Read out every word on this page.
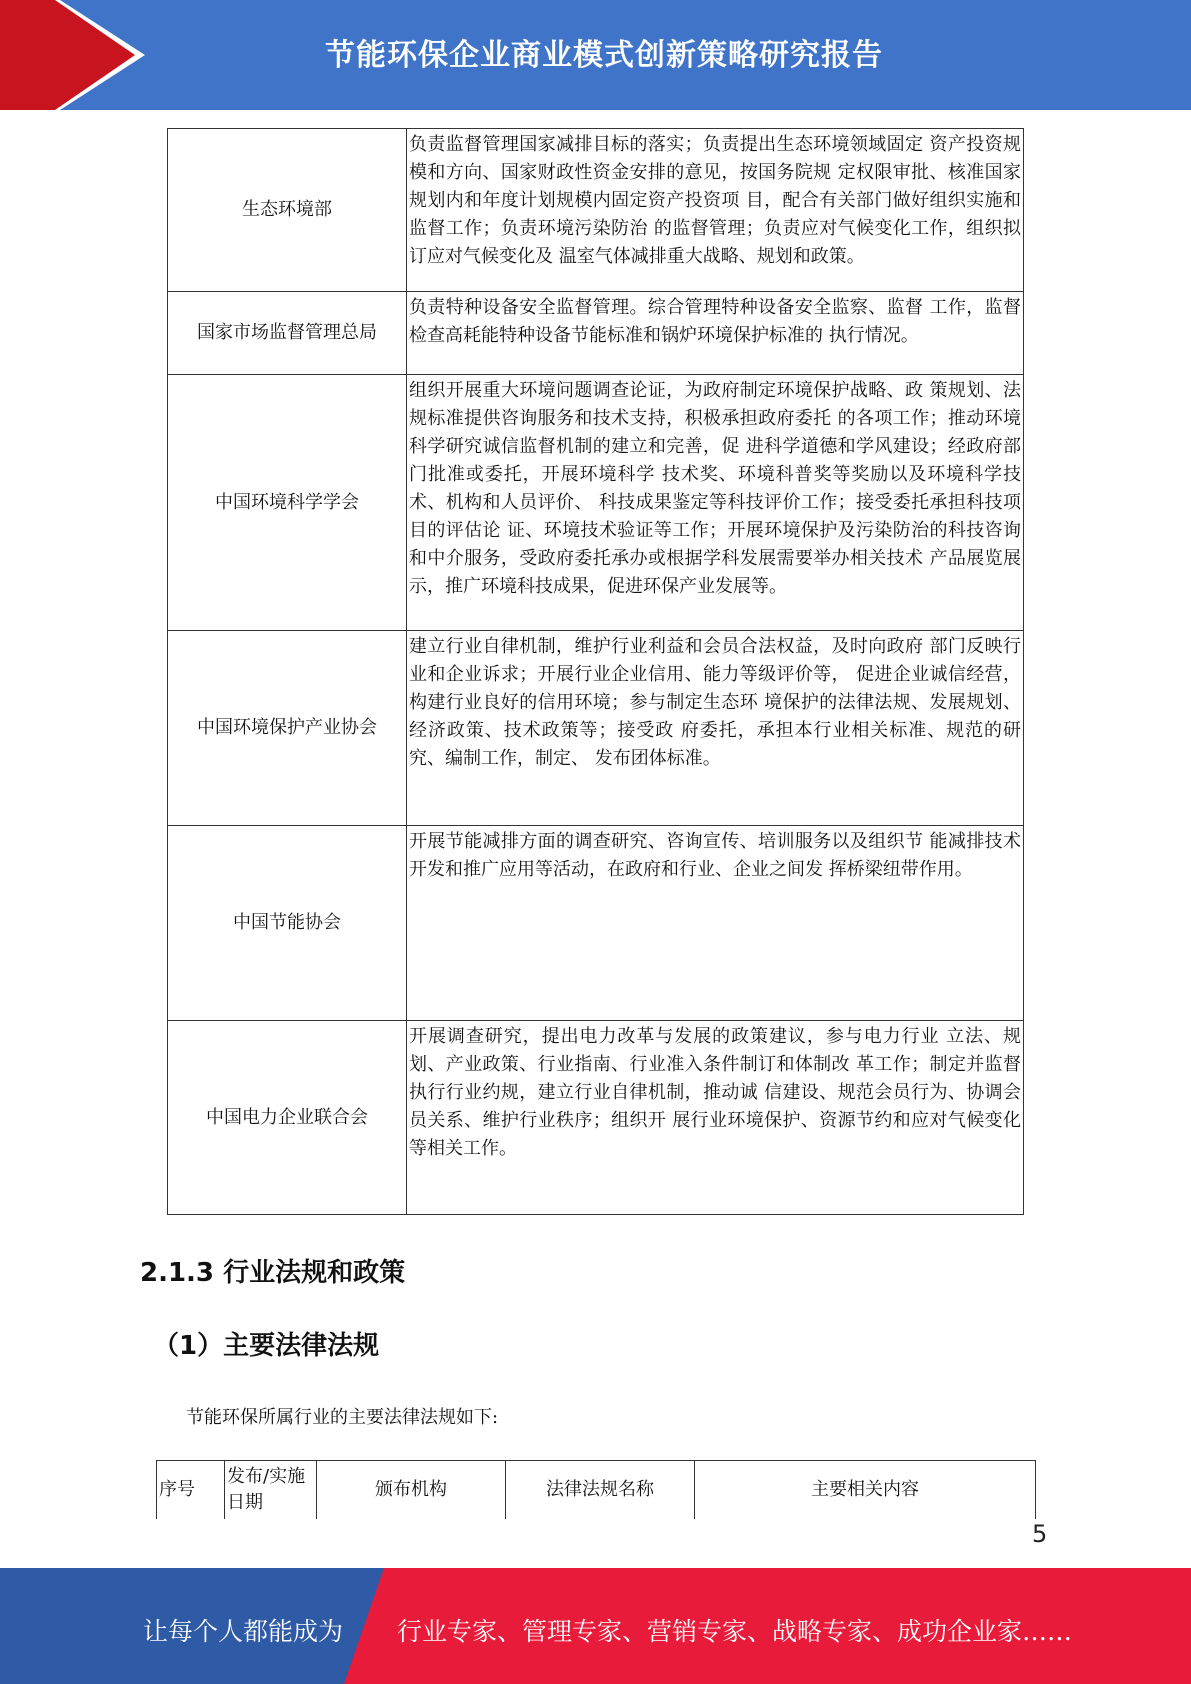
节能环保企业商业模式创新策略研究报告
生态环境部	负责监督管理国家减排目标的落实；负责提出生态环境领域固定 资产投资规模和方向、国家财政性资金安排的意见，按国务院规 定权限审批、核准国家规划内和年度计划规模内固定资产投资项 目，配合有关部门做好组织实施和监督工作；负责环境污染防治 的监督管理；负责应对气候变化工作，组织拟订应对气候变化及 温室气体减排重大战略、规划和政策。
国家市场监督管理总局	负责特种设备安全监督管理。综合管理特种设备安全监察、监督 工作，监督检查高耗能特种设备节能标准和锅炉环境保护标准的 执行情况。
中国环境科学学会	组织开展重大环境问题调查论证，为政府制定环境保护战略、政 策规划、法规标准提供咨询服务和技术支持，积极承担政府委托 的各项工作；推动环境科学研究诚信监督机制的建立和完善，促 进科学道德和学风建设；经政府部门批准或委托，开展环境科学 技术奖、环境科普奖等奖励以及环境科学技术、机构和人员评价、 科技成果鉴定等科技评价工作；接受委托承担科技项目的评估论 证、环境技术验证等工作；开展环境保护及污染防治的科技咨询和中介服务，受政府委托承办或根据学科发展需要举办相关技术 产品展览展示，推广环境科技成果，促进环保产业发展等。
中国环境保护产业协会	建立行业自律机制，维护行业利益和会员合法权益，及时向政府 部门反映行业和企业诉求；开展行业企业信用、能力等级评价等， 促进企业诚信经营，构建行业良好的信用环境；参与制定生态环 境保护的法律法规、发展规划、经济政策、技术政策等；接受政 府委托，承担本行业相关标准、规范的研究、编制工作，制定、 发布团体标准。
中国节能协会	开展节能减排方面的调查研究、咨询宣传、培训服务以及组织节 能减排技术开发和推广应用等活动，在政府和行业、企业之间发 挥桥梁纽带作用。
中国电力企业联合会	开展调查研究，提出电力改革与发展的政策建议，参与电力行业 立法、规划、产业政策、行业指南、行业准入条件制订和体制改 革工作；制定并监督执行行业约规，建立行业自律机制，推动诚 信建设、规范会员行为、协调会员关系、维护行业秩序；组织开 展行业环境保护、资源节约和应对气候变化等相关工作。
2.1.3 行业法规和政策
（1）主要法律法规
节能环保所属行业的主要法律法规如下:
序号	发布/实施日期	颁布机构	法律法规名称	主要相关内容
5
让每个人都能成为 行业专家、管理专家、营销专家、战略专家、成功企业家……
